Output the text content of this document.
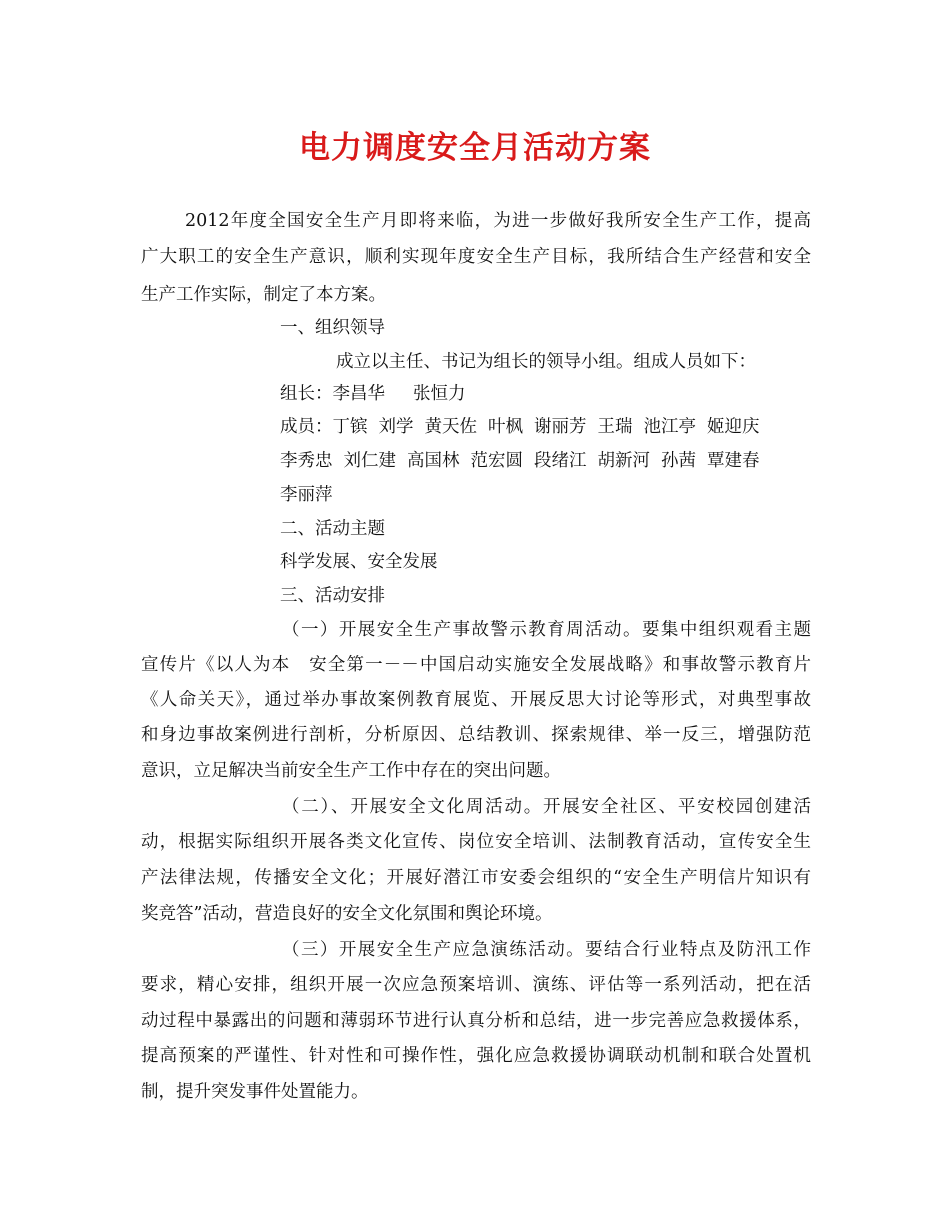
电力调度安全月活动方案
2012年度全国安全生产月即将来临，为进一步做好我所安全生产工作，提高
广大职工的安全生产意识，顺利实现年度安全生产目标，我所结合生产经营和安全
生产工作实际，制定了本方案。
一、组织领导
成立以主任、书记为组长的领导小组。组成人员如下：
组长：李昌华 张恒力
成员：丁镔 刘学 黄天佐 叶枫 谢丽芳 王瑞 池江亭 姬迎庆
李秀忠 刘仁建 高国林 范宏圆 段绪江 胡新河 孙茜 覃建春
李丽萍
二、活动主题
科学发展、安全发展
三、活动安排
（一）开展安全生产事故警示教育周活动。要集中组织观看主题
宣传片《以人为本　安全第一－－中国启动实施安全发展战略》和事故警示教育片
《人命关天》，通过举办事故案例教育展览、开展反思大讨论等形式，对典型事故
和身边事故案例进行剖析，分析原因、总结教训、探索规律、举一反三，增强防范
意识，立足解决当前安全生产工作中存在的突出问题。
（二）、开展安全文化周活动。开展安全社区、平安校园创建活
动，根据实际组织开展各类文化宣传、岗位安全培训、法制教育活动，宣传安全生
产法律法规，传播安全文化；开展好潜江市安委会组织的“安全生产明信片知识有
奖竞答”活动，营造良好的安全文化氛围和舆论环境。
（三）开展安全生产应急演练活动。要结合行业特点及防汛工作
要求，精心安排，组织开展一次应急预案培训、演练、评估等一系列活动，把在活
动过程中暴露出的问题和薄弱环节进行认真分析和总结，进一步完善应急救援体系，
提高预案的严谨性、针对性和可操作性，强化应急救援协调联动机制和联合处置机
制，提升突发事件处置能力。
